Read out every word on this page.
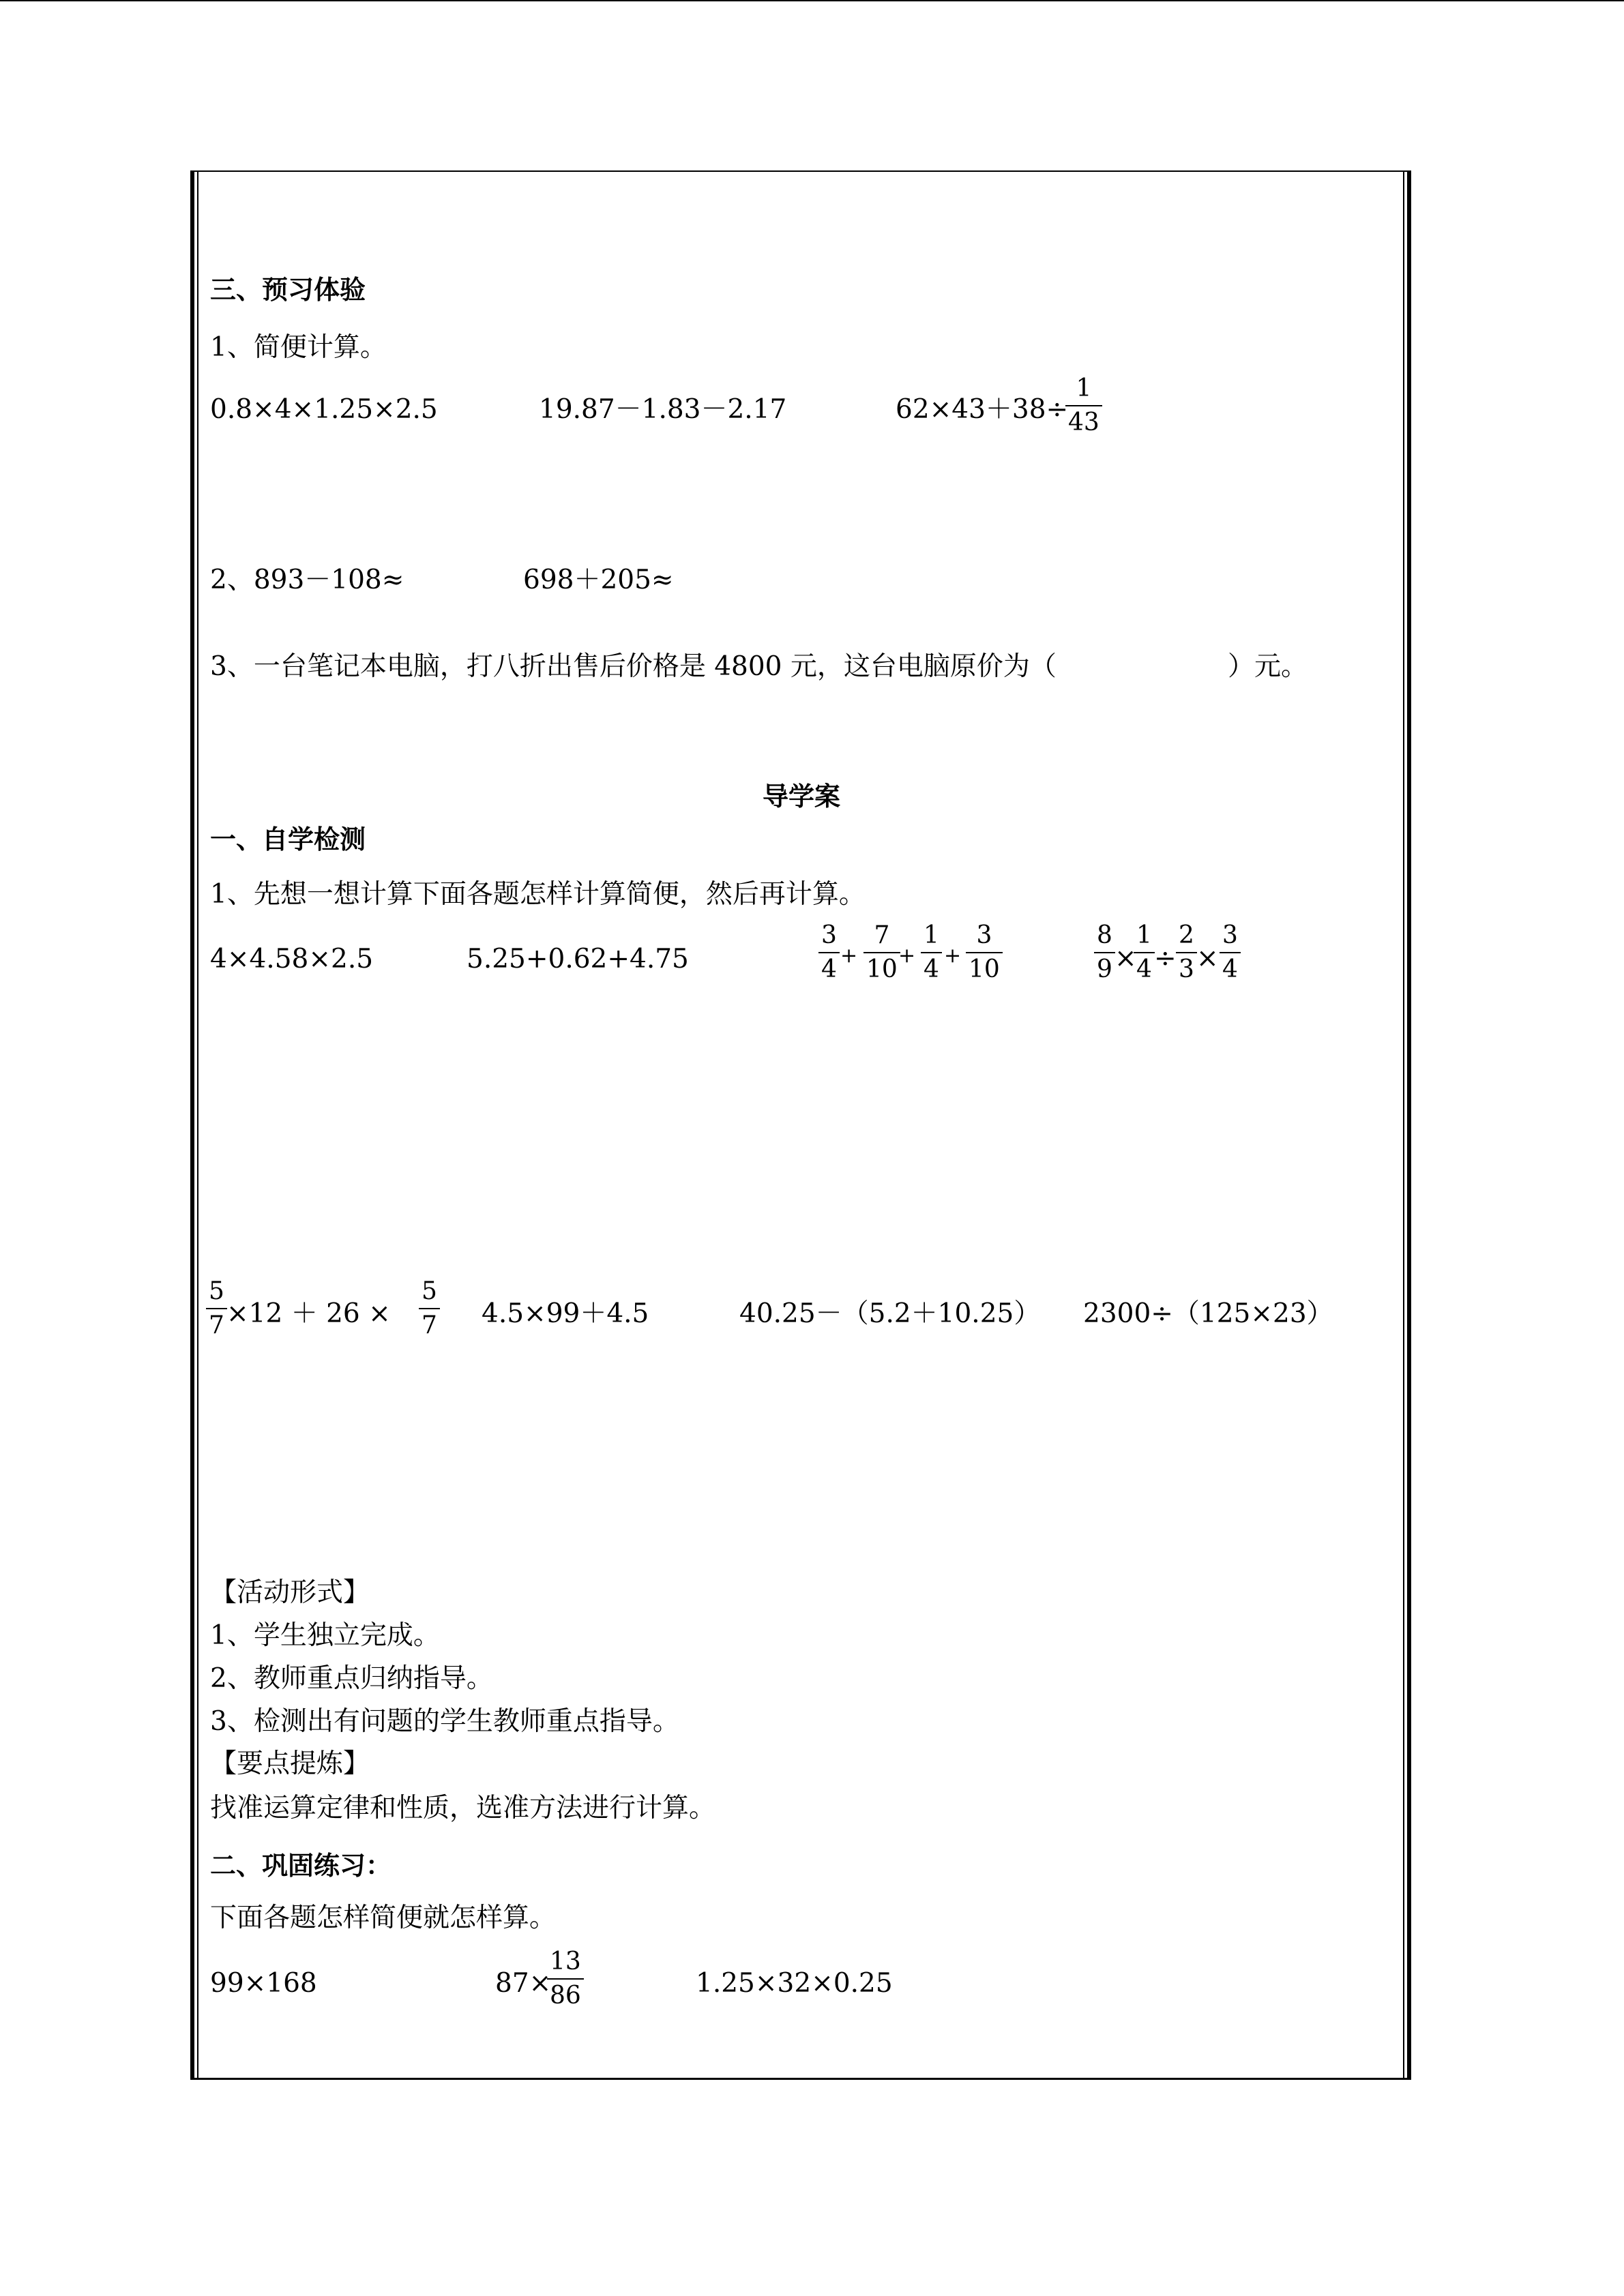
三、预习体验
1、简便计算。
0.8×4×1.25×2.5	19.87－1.83－2.17	62×43＋38÷
$\frac{1}{43}$
2、893－108≈	698＋205≈
3、一台笔记本电脑，打八折出售后价格是 4800 元，这台电脑原价为（	）元。
导学案
一、自学检测
1、先想一想计算下面各题怎样计算简便，然后再计算。
4×4.58×2.5	5.25+0.62+4.75	$\frac{3}{4} + \frac{7}{10}$
+ $\frac{1}{4} + \frac{3}{10}$	$\frac{8}{9}$ ×
$\frac{1}{4} \div \frac{2}{3} \times \frac{3}{4}$
$\frac{5}{7} \times 12 + 26 \times \frac{5}{7} 4.5\times 99+4.5$	40.25－（5.2＋10.25） 2300÷（125×23）
【活动形式】
1、学生独立完成。
2、教师重点归纳指导。
3、检测出有问题的学生教师重点指导。
【要点提炼】
找准运算定律和性质，选准方法进行计算。
二、巩固练习：
下面各题怎样简便就怎样算。
99×168	87×
$\frac{13}{86}$	1.25×32×0.25
